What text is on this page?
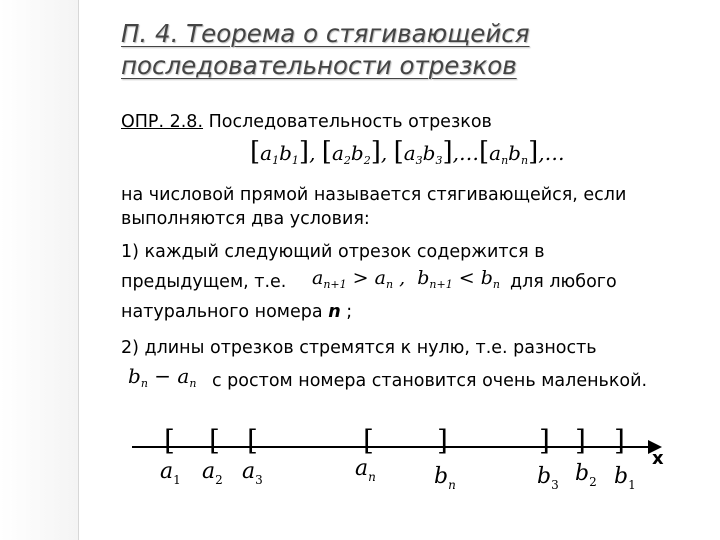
П. 4. Теорема о стягивающейся
последовательности отрезков
ОПР. 2.8. Последовательность отрезков
$[a_1b_1]$, $[a_2b_2]$, $[a_3b_3],\dots[a_nb_n],\dots$
на числовой прямой называется стягивающейся, если
выполняются два условия:
1) каждый следующий отрезок содержится в
предыдущем, т.е. $a_{n+1} > a_n$ ,  $b_{n+1} < b_n$ для любого
натурального номера n ;
2) длины отрезков стремятся к нулю, т.е. разность
$b_n - a_n$ с ростом номера становится очень маленькой.
x
[ [ [	[ ]	] ] ]
$a_1$ $a_2$ $a_3$	$a_n$	$b_n$	$b_3$ $b_2$ $b_1$
